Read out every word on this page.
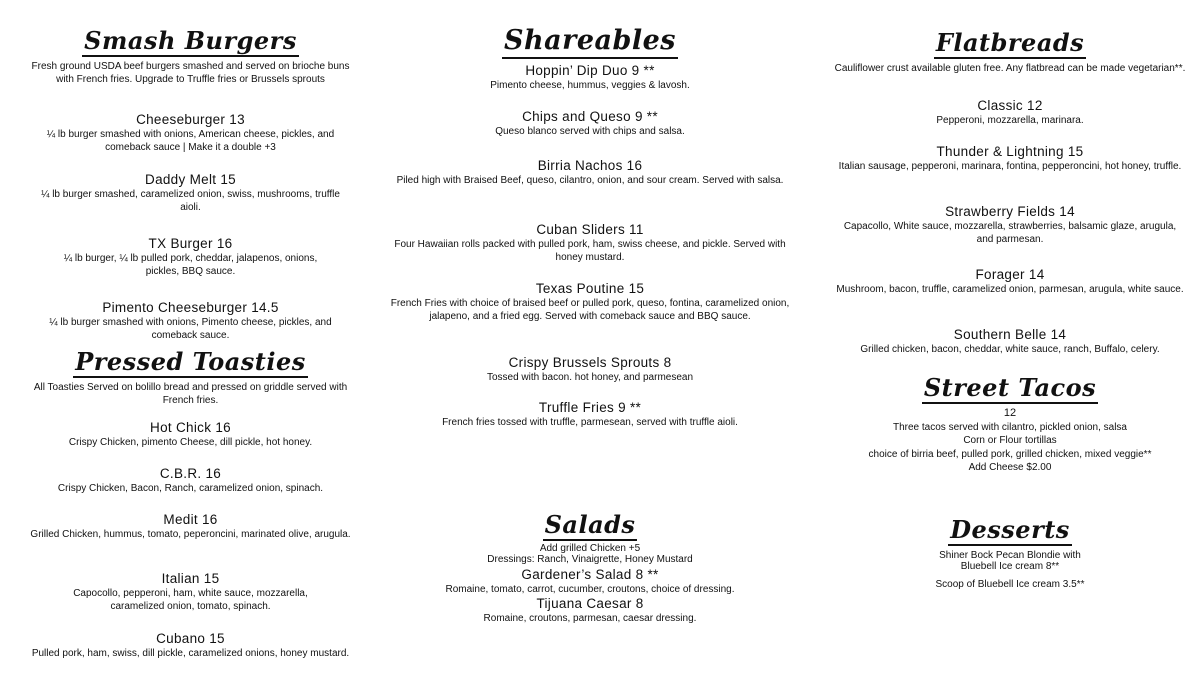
Smash Burgers
Fresh ground USDA beef burgers smashed and served on brioche buns with French fries. Upgrade to Truffle fries or Brussels sprouts
Cheeseburger 13
¼ lb burger smashed with onions, American cheese, pickles, and comeback sauce | Make it a double +3
Daddy Melt 15
¼ lb burger smashed, caramelized onion, swiss, mushrooms, truffle aioli.
TX Burger 16
¼ lb burger, ¼ lb pulled pork, cheddar, jalapenos, onions, pickles, BBQ sauce.
Pimento Cheeseburger 14.5
¼ lb burger smashed with onions, Pimento cheese, pickles, and comeback sauce.
Pressed Toasties
All Toasties Served on bolillo bread and pressed on griddle served with French fries.
Hot Chick 16
Crispy Chicken, pimento Cheese, dill pickle, hot honey.
C.B.R. 16
Crispy Chicken, Bacon, Ranch, caramelized onion, spinach.
Medit 16
Grilled Chicken, hummus, tomato, peperoncini, marinated olive, arugula.
Italian 15
Capocollo, pepperoni, ham, white sauce, mozzarella, caramelized onion, tomato, spinach.
Cubano 15
Pulled pork, ham, swiss, dill pickle, caramelized onions, honey mustard.
Shareables
Hoppin’ Dip Duo 9 **
Pimento cheese, hummus, veggies & lavosh.
Chips and Queso 9 **
Queso blanco served with chips and salsa.
Birria Nachos 16
Piled high with Braised Beef, queso, cilantro, onion, and sour cream. Served with salsa.
Cuban Sliders 11
Four Hawaiian rolls packed with pulled pork, ham, swiss cheese, and pickle. Served with honey mustard.
Texas Poutine 15
French Fries with choice of braised beef or pulled pork, queso, fontina, caramelized onion, jalapeno, and a fried egg. Served with comeback sauce and BBQ sauce.
Crispy Brussels Sprouts 8
Tossed with bacon. hot honey, and parmesean
Truffle Fries 9 **
French fries tossed with truffle, parmesean, served with truffle aioli.
Salads
Add grilled Chicken +5
Dressings: Ranch, Vinaigrette, Honey Mustard
Gardener’s Salad 8 **
Romaine, tomato, carrot, cucumber, croutons, choice of dressing.
Tijuana Caesar 8
Romaine, croutons, parmesan, caesar dressing.
Flatbreads
Cauliflower crust available gluten free. Any flatbread can be made vegetarian**.
Classic 12
Pepperoni, mozzarella, marinara.
Thunder & Lightning 15
Italian sausage, pepperoni, marinara, fontina, pepperoncini, hot honey, truffle.
Strawberry Fields 14
Capacollo, White sauce, mozzarella, strawberries, balsamic glaze, arugula, and parmesan.
Forager 14
Mushroom, bacon, truffle, caramelized onion, parmesan, arugula, white sauce.
Southern Belle 14
Grilled chicken, bacon, cheddar, white sauce, ranch, Buffalo, celery.
Street Tacos
12
Three tacos served with cilantro, pickled onion, salsa
Corn or Flour tortillas
choice of birria beef, pulled pork, grilled chicken, mixed veggie**
Add Cheese $2.00
Desserts
Shiner Bock Pecan Blondie with
Bluebell Ice cream 8**
Scoop of Bluebell Ice cream 3.5**
